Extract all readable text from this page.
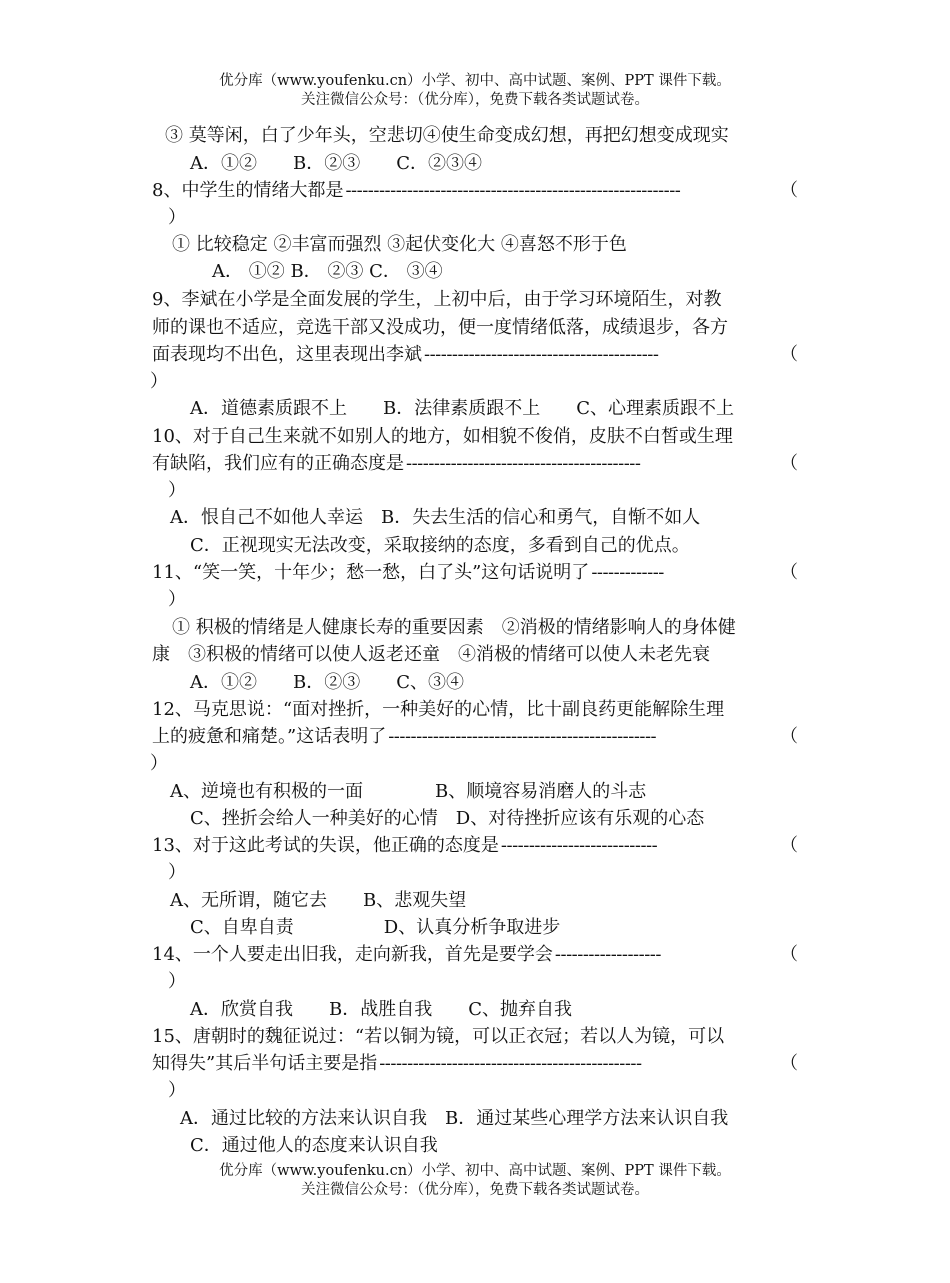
优分库（www.youfenku.cn）小学、初中、高中试题、案例、PPT 课件下载。
关注微信公众号：（优分库），免费下载各类试题试卷。
③ 莫等闲，白了少年头，空悲切④使生命变成幻想，再把幻想变成现实
A．①②　　B．②③　　C．②③④
8、中学生的情绪大都是 ------------------------------------------------------------	（
）
① 比较稳定 ②丰富而强烈 ③起伏变化大 ④喜怒不形于色
A． ①② B． ②③ C． ③④
9、李斌在小学是全面发展的学生，上初中后，由于学习环境陌生，对教
师的课也不适应，竞选干部又没成功，便一度情绪低落，成绩退步，各方
面表现均不出色，这里表现出李斌 ------------------------------------------	（
）
A．道德素质跟不上　　B．法律素质跟不上　　C、心理素质跟不上
10、对于自己生来就不如别人的地方，如相貌不俊俏，皮肤不白皙或生理
有缺陷，我们应有的正确态度是 ------------------------------------------	（
）
A．恨自己不如他人幸运　B．失去生活的信心和勇气，自惭不如人
C．正视现实无法改变，采取接纳的态度，多看到自己的优点。
11、“笑一笑，十年少；愁一愁，白了头”这句话说明了 -------------	（
）
① 积极的情绪是人健康长寿的重要因素　②消极的情绪影响人的身体健
康　③积极的情绪可以使人返老还童　④消极的情绪可以使人未老先衰
A．①②　　B．②③　　C、③④
12、马克思说：“面对挫折，一种美好的心情，比十副良药更能解除生理
上的疲惫和痛楚。”这话表明了 ------------------------------------------------	（
）
A、逆境也有积极的一面　　　　B、顺境容易消磨人的斗志
C、挫折会给人一种美好的心情　D、对待挫折应该有乐观的心态
13、对于这此考试的失误，他正确的态度是 ----------------------------	（
）
A、无所谓，随它去　　B、悲观失望
C、自卑自责　　　　　D、认真分析争取进步
14、一个人要走出旧我，走向新我，首先是要学会 -------------------	（
）
A．欣赏自我　　B．战胜自我　　C、抛弃自我
15、唐朝时的魏征说过：“若以铜为镜，可以正衣冠；若以人为镜，可以
知得失”其后半句话主要是指 -----------------------------------------------	（
）
A．通过比较的方法来认识自我　B．通过某些心理学方法来认识自我
C．通过他人的态度来认识自我
优分库（www.youfenku.cn）小学、初中、高中试题、案例、PPT 课件下载。
关注微信公众号：（优分库），免费下载各类试题试卷。
